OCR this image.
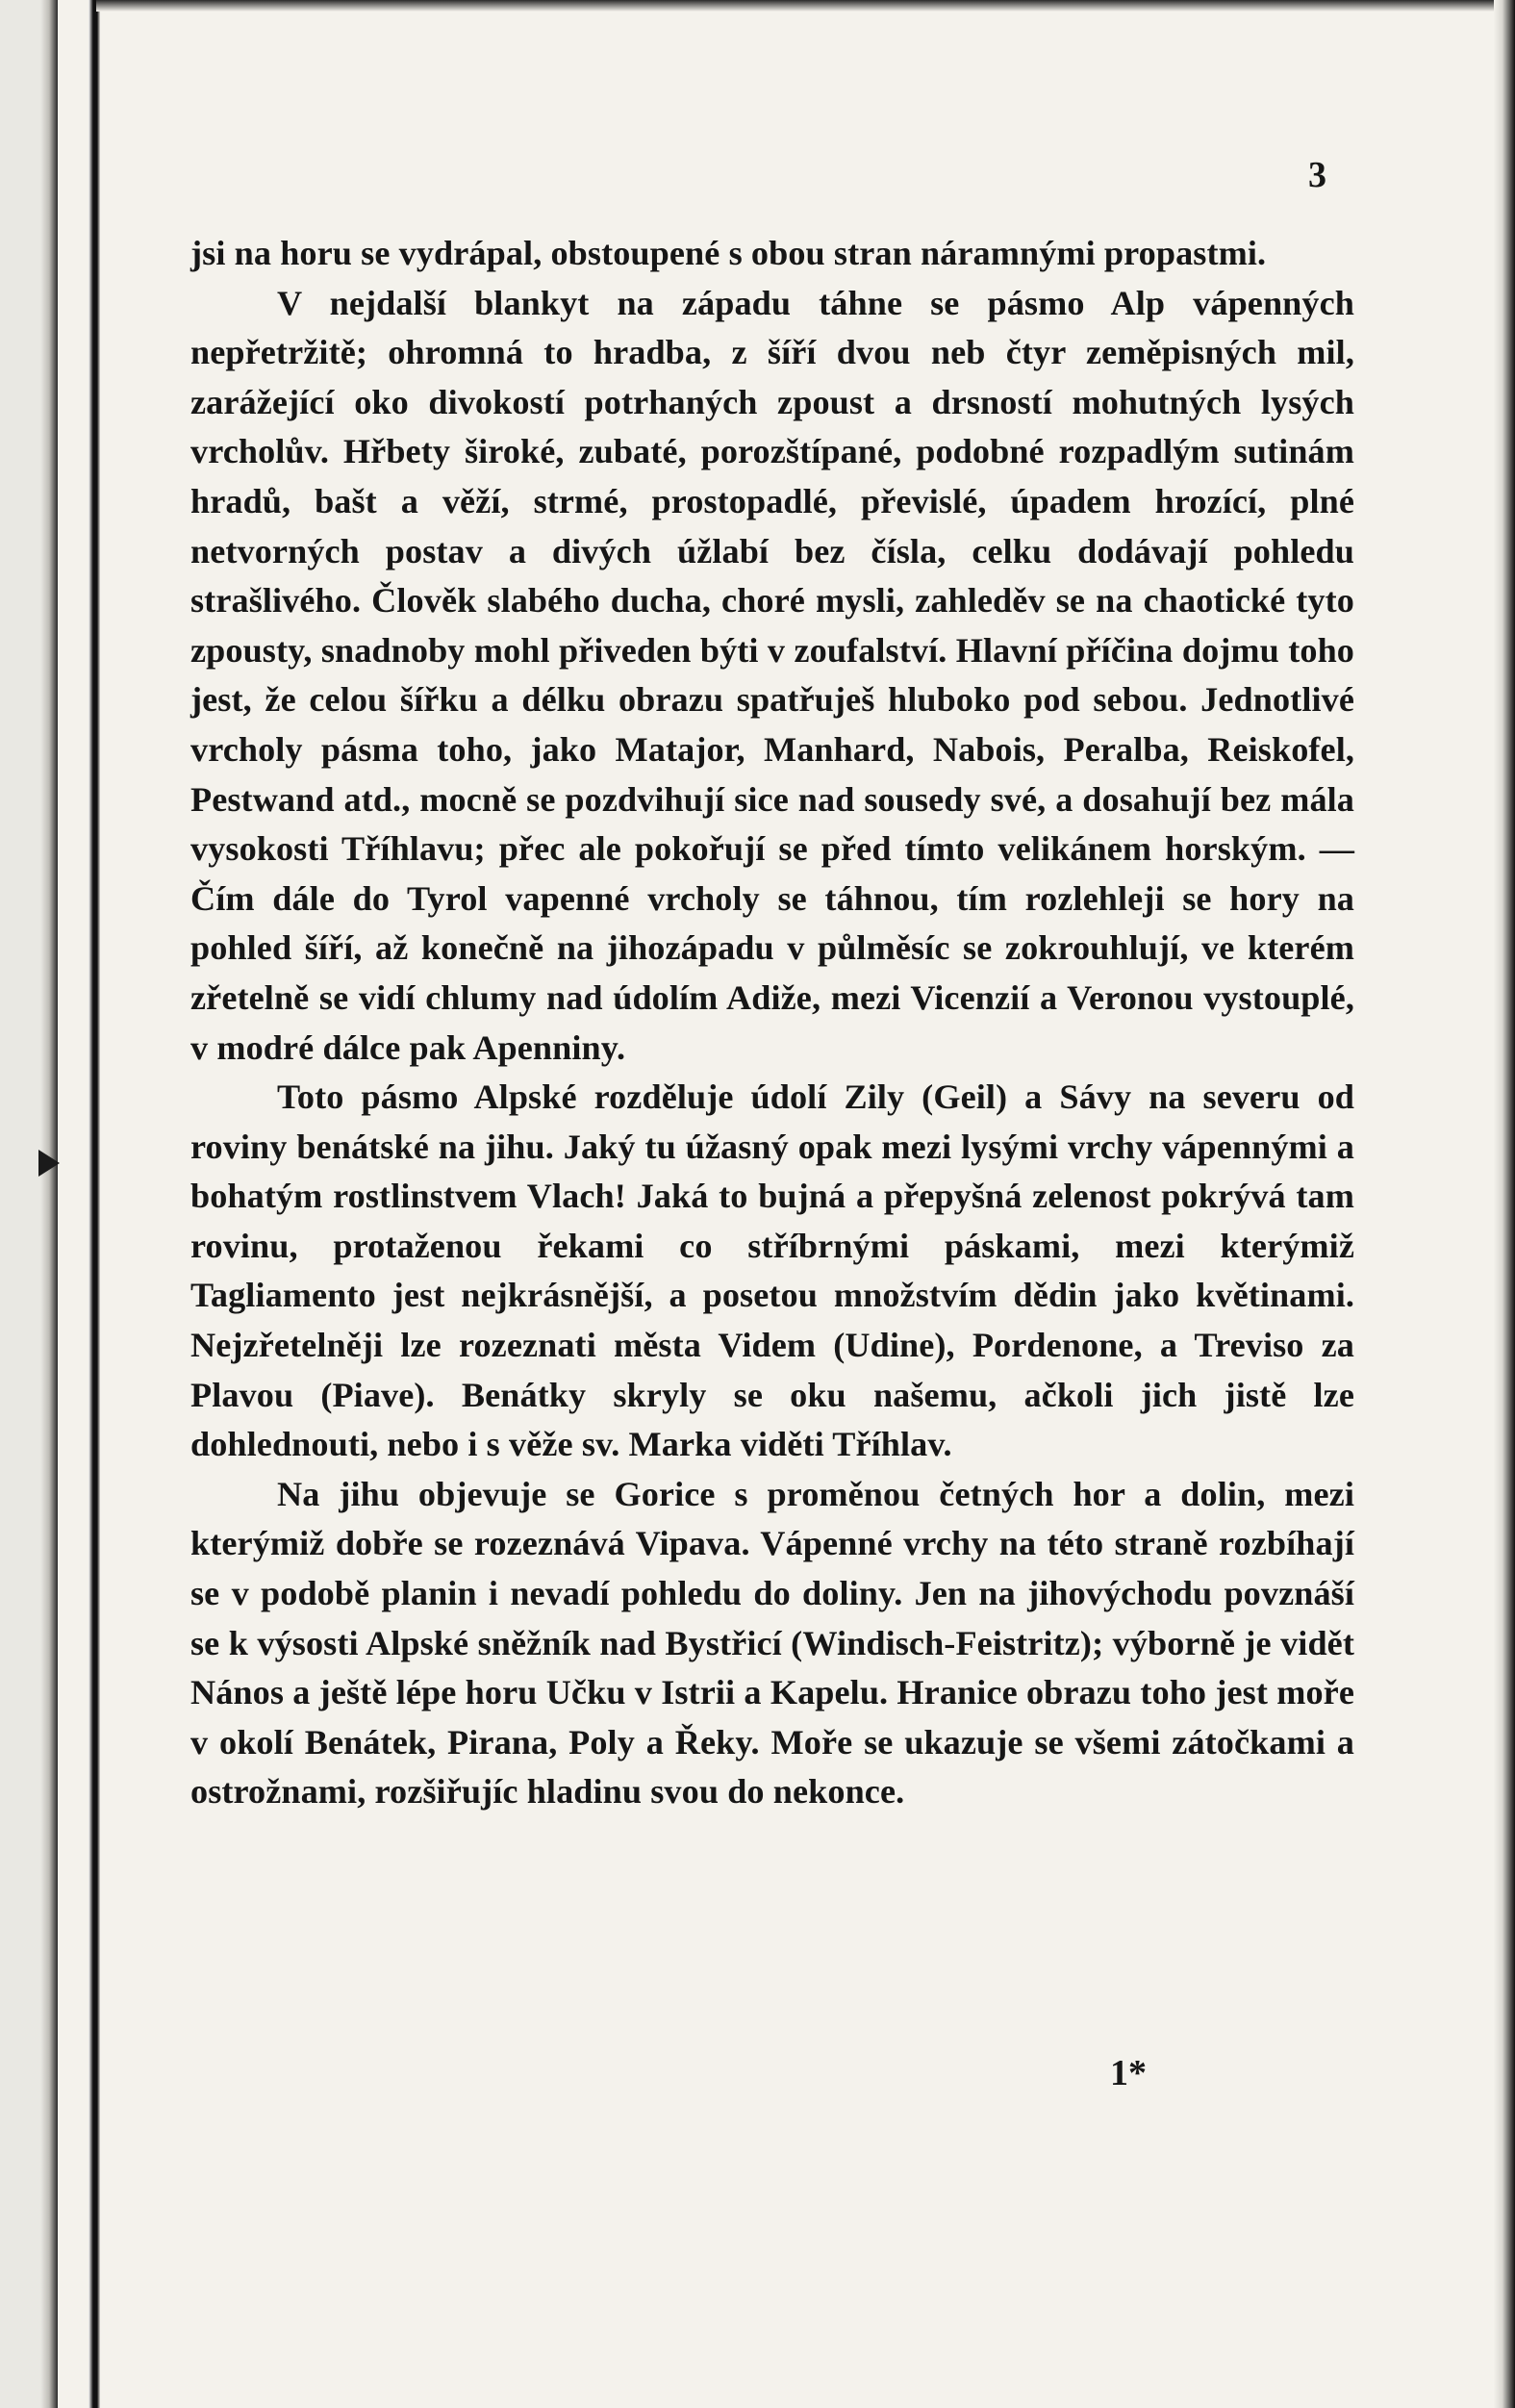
3

jsi na horu se vydrápal, obstoupené s obou stran náramnými propastmi.

V nejdalší blankyt na západu táhne se pásmo Alp vápenných nepřetržitě; ohromná to hradba, z šíří dvou neb čtyr zeměpisných mil, zarážející oko divokostí potrhaných zpoust a drsností mohutných lysých vrcholův. Hřbety široké, zubaté, porozštípané, podobné rozpadlým sutinám hradů, bašt a věží, strmé, prostopadlé, převislé, úpadem hrozící, plné netvorných postav a divých úžlabí bez čísla, celku dodávají pohledu strašlivého. Člověk slabého ducha, choré mysli, zahleděv se na chaotické tyto zpousty, snadnoby mohl přiveden býti v zoufalství. Hlavní příčina dojmu toho jest, že celou šířku a délku obrazu spatřuješ hluboko pod sebou. Jednotlivé vrcholy pásma toho, jako Matajor, Manhard, Nabois, Peralba, Reiskofel, Pestwand atd., mocně se pozdvihují sice nad sousedy své, a dosahují bez mála vysokosti Tříhlavu; přec ale pokořují se před tímto velikánem horským. — Čím dále do Tyrol vapenné vrcholy se táhnou, tím rozlehleji se hory na pohled šíří, až konečně na jihozápadu v půlměsíc se zokrouhlují, ve kterém zřetelně se vidí chlumy nad údolím Adiže, mezi Vicenzií a Veronou vystouplé, v modré dálce pak Apenniny.

Toto pásmo Alpské rozděluje údolí Zily (Geil) a Sávy na severu od roviny benátské na jihu. Jaký tu úžasný opak mezi lysými vrchy vápennými a bohatým rostlinstvem Vlach! Jaká to bujná a přepyšná zelenost pokrývá tam rovinu, protaženou řekami co stříbrnými páskami, mezi kterýmiž Tagliamento jest nejkrásnější, a posetou množstvím dědin jako květinami. Nejzřetelněji lze rozeznati města Videm (Udine), Pordenone, a Treviso za Plavou (Piave). Benátky skryly se oku našemu, ačkoli jich jistě lze dohlednouti, nebo i s věže sv. Marka viděti Tříhlav.

Na jihu objevuje se Gorice s proměnou četných hor a dolin, mezi kterýmiž dobře se rozeznává Vipava. Vápenné vrchy na této straně rozbíhají se v podobě planin i nevadí pohledu do doliny. Jen na jihovýchodu povznáší se k výsosti Alpské sněžník nad Bystřicí (Windisch-Feistritz); výborně je vidět Nános a ještě lépe horu Učku v Istrii a Kapelu. Hranice obrazu toho jest moře v okolí Benátek, Pirana, Poly a Řeky. Moře se ukazuje se všemi zátočkami a ostrožnami, rozšiřujíc hladinu svou do nekonce.

1*
